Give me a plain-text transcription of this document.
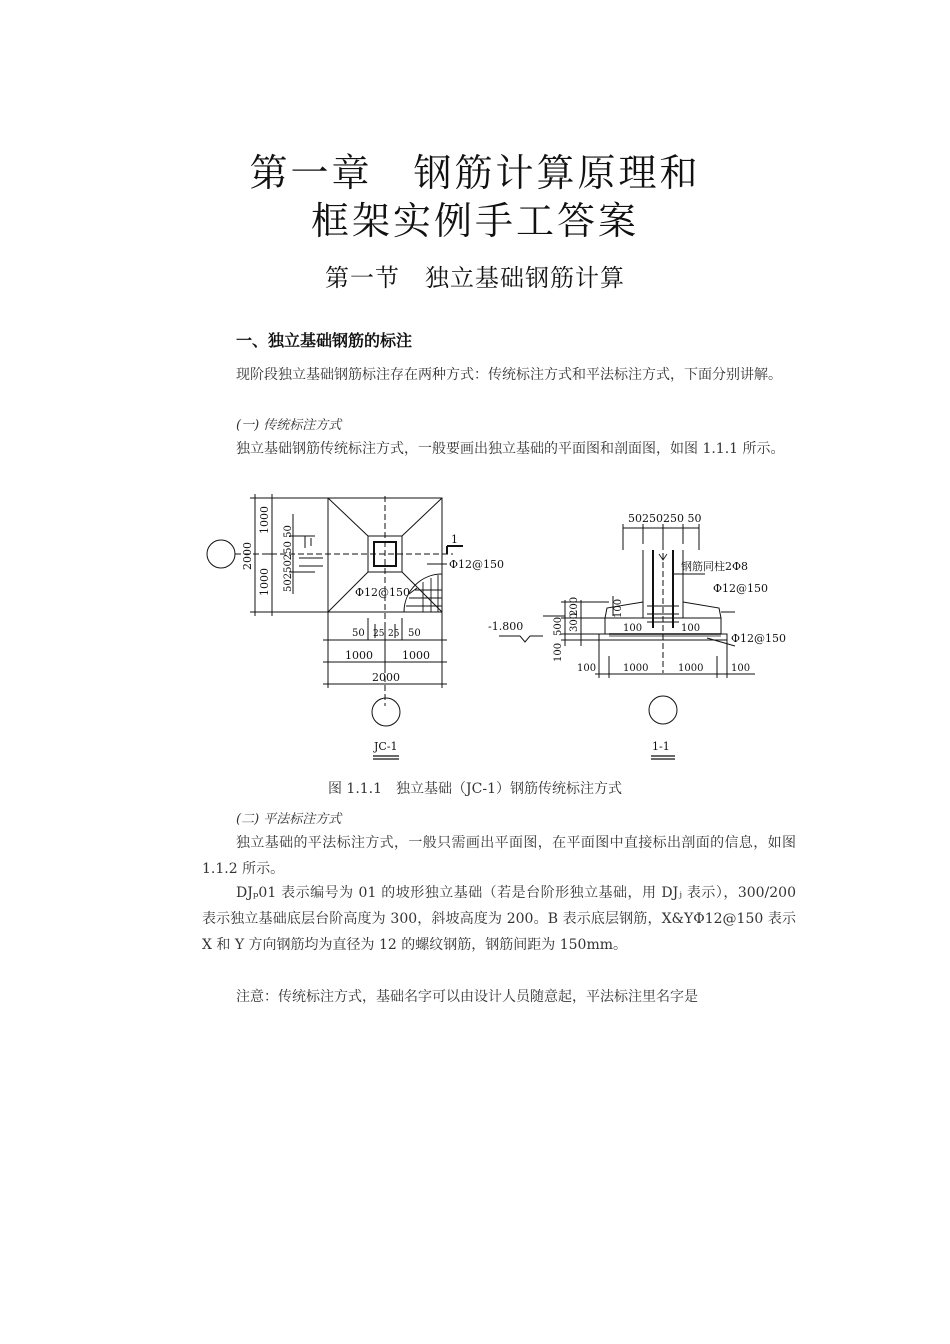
第一章　钢筋计算原理和
框架实例手工答案
第一节　独立基础钢筋计算
一、独立基础钢筋的标注

现阶段独立基础钢筋标注存在两种方式：传统标注方式和平法标注方式，下面分别讲解。

(一) 传统标注方式

独立基础钢筋传统标注方式，一般要画出独立基础的平面图和剖面图，如图 1.1.1 所示。

2000
1000
1000 50250250 50	Φ12@150
Φ12@150
1
50 25 25 50
1000	1000
2000
JC-1
50250250 50
钢筋同柱2Φ8
Φ12@150
Φ12@150
-1.800
200
300
500
100
100
100	100
100	1000	1000	100
1-1

图 1.1.1　独立基础（JC-1）钢筋传统标注方式

(二) 平法标注方式

独立基础的平法标注方式，一般只需画出平面图，在平面图中直接标出剖面的信息，如图 1.1.2 所示。

DJₚ01 表示编号为 01 的坡形独立基础（若是台阶形独立基础，用 DJⱼ 表示），300/200 表示独立基础底层台阶高度为 300，斜坡高度为 200。B 表示底层钢筋，X&YΦ12@150 表示 X 和 Y 方向钢筋均为直径为 12 的螺纹钢筋，钢筋间距为 150mm。

注意：传统标注方式，基础名字可以由设计人员随意起，平法标注里名字是
